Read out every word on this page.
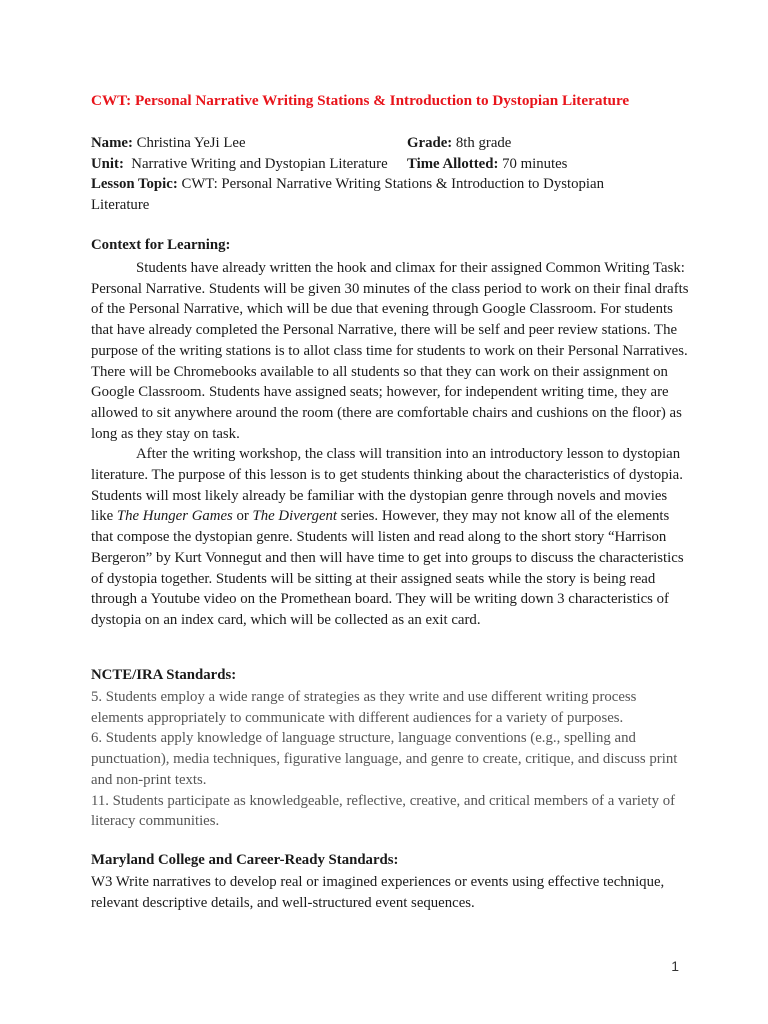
CWT: Personal Narrative Writing Stations & Introduction to Dystopian Literature
Name: Christina YeJi Lee	Grade: 8th grade
Unit: Narrative Writing and Dystopian Literature Time Allotted: 70 minutes
Lesson Topic: CWT: Personal Narrative Writing Stations & Introduction to Dystopian Literature
Context for Learning:

Students have already written the hook and climax for their assigned Common Writing Task: Personal Narrative. Students will be given 30 minutes of the class period to work on their final drafts of the Personal Narrative, which will be due that evening through Google Classroom. For students that have already completed the Personal Narrative, there will be self and peer review stations. The purpose of the writing stations is to allot class time for students to work on their Personal Narratives. There will be Chromebooks available to all students so that they can work on their assignment on Google Classroom. Students have assigned seats; however, for independent writing time, they are allowed to sit anywhere around the room (there are comfortable chairs and cushions on the floor) as long as they stay on task.

After the writing workshop, the class will transition into an introductory lesson to dystopian literature. The purpose of this lesson is to get students thinking about the characteristics of dystopia. Students will most likely already be familiar with the dystopian genre through novels and movies like The Hunger Games or The Divergent series. However, they may not know all of the elements that compose the dystopian genre. Students will listen and read along to the short story “Harrison Bergeron” by Kurt Vonnegut and then will have time to get into groups to discuss the characteristics of dystopia together. Students will be sitting at their assigned seats while the story is being read through a Youtube video on the Promethean board. They will be writing down 3 characteristics of dystopia on an index card, which will be collected as an exit card.

NCTE/IRA Standards:
5. Students employ a wide range of strategies as they write and use different writing process elements appropriately to communicate with different audiences for a variety of purposes.
6. Students apply knowledge of language structure, language conventions (e.g., spelling and punctuation), media techniques, figurative language, and genre to create, critique, and discuss print and non-print texts.
11. Students participate as knowledgeable, reflective, creative, and critical members of a variety of literacy communities.
Maryland College and Career-Ready Standards:
W3 Write narratives to develop real or imagined experiences or events using effective technique, relevant descriptive details, and well-structured event sequences.
1
